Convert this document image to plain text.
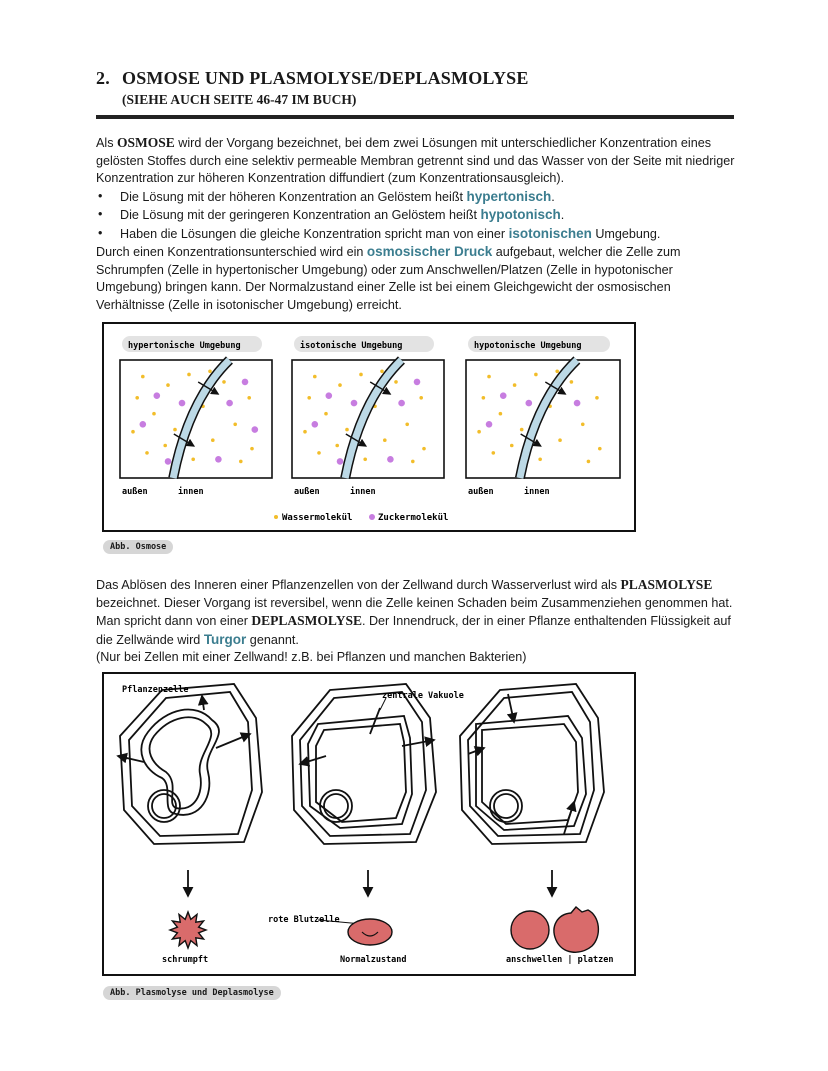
2. OSMOSE UND PLASMOLYSE/DEPLASMOLYSE
(SIEHE AUCH SEITE 46-47 IM BUCH)

Als OSMOSE wird der Vorgang bezeichnet, bei dem zwei Lösungen mit unterschiedlicher Konzentration eines gelösten Stoffes durch eine selektiv permeable Membran getrennt sind und das Wasser von der Seite mit niedriger Konzentration zur höheren Konzentration diffundiert (zum Konzentrationsausgleich).

• Die Lösung mit der höheren Konzentration an Gelöstem heißt hypertonisch.
• Die Lösung mit der geringeren Konzentration an Gelöstem heißt hypotonisch.
• Haben die Lösungen die gleiche Konzentration spricht man von einer isotonischen Umgebung.

Durch einen Konzentrationsunterschied wird ein osmosischer Druck aufgebaut, welcher die Zelle zum Schrumpfen (Zelle in hypertonischer Umgebung) oder zum Anschwellen/Platzen (Zelle in hypotonischer Umgebung) bringen kann. Der Normalzustand einer Zelle ist bei einem Gleichgewicht der osmosischen Verhältnisse (Zelle in isotonischer Umgebung) erreicht.

hypertonische Umgebung
außen	innen
isotonische Umgebung
außen	innen
hypotonische Umgebung
außen	innen
Wassermolekül	Zuckermolekül
Abb. Osmose

Das Ablösen des Inneren einer Pflanzenzellen von der Zellwand durch Wasserverlust wird als PLASMOLYSE bezeichnet. Dieser Vorgang ist reversibel, wenn die Zelle keinen Schaden beim Zusammenziehen genommen hat. Man spricht dann von einer DEPLASMOLYSE. Der Innendruck, der in einer Pflanze enthaltenden Flüssigkeit auf die Zellwände wird Turgor genannt.

(Nur bei Zellen mit einer Zellwand! z.B. bei Pflanzen und manchen Bakterien)

Pflanzenzelle
zentrale Vakuole
rote Blutzelle
schrumpft	Normalzustand	anschwellen | platzen
Abb. Plasmolyse und Deplasmolyse
